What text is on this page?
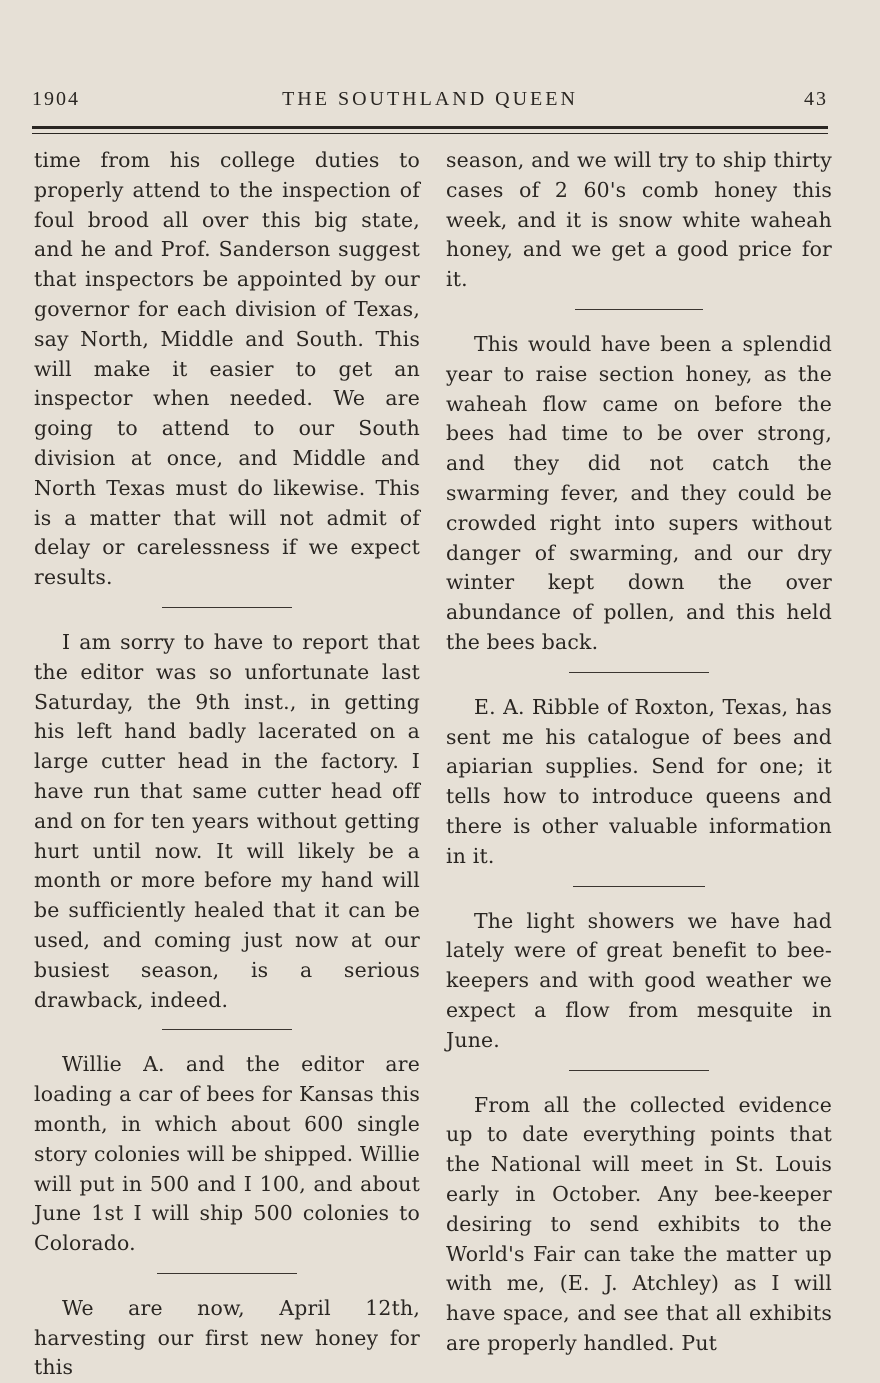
1904	THE SOUTHLAND QUEEN	43

time from his college duties to properly attend to the inspection of foul brood all over this big state, and he and Prof. Sanderson suggest that inspectors be appointed by our governor for each division of Texas, say North, Middle and South. This will make it easier to get an inspector when needed. We are going to attend to our South division at once, and Middle and North Texas must do likewise. This is a matter that will not admit of delay or carelessness if we expect results.

I am sorry to have to report that the editor was so unfortunate last Saturday, the 9th inst., in getting his left hand badly lacerated on a large cutter head in the factory. I have run that same cutter head off and on for ten years without getting hurt until now. It will likely be a month or more before my hand will be sufficiently healed that it can be used, and coming just now at our busiest season, is a serious drawback, indeed.

Willie A. and the editor are loading a car of bees for Kansas this month, in which about 600 single story colonies will be shipped. Willie will put in 500 and I 100, and about June 1st I will ship 500 colonies to Colorado.

We are now, April 12th, harvesting our first new honey for this

season, and we will try to ship thirty cases of 2 60's comb honey this week, and it is snow white waheah honey, and we get a good price for it.

This would have been a splendid year to raise section honey, as the waheah flow came on before the bees had time to be over strong, and they did not catch the swarming fever, and they could be crowded right into supers without danger of swarming, and our dry winter kept down the over abundance of pollen, and this held the bees back.

E. A. Ribble of Roxton, Texas, has sent me his catalogue of bees and apiarian supplies. Send for one; it tells how to introduce queens and there is other valuable information in it.

The light showers we have had lately were of great benefit to bee-keepers and with good weather we expect a flow from mesquite in June.

From all the collected evidence up to date everything points that the National will meet in St. Louis early in October. Any bee-keeper desiring to send exhibits to the World's Fair can take the matter up with me, (E. J. Atchley) as I will have space, and see that all exhibits are properly handled. Put
